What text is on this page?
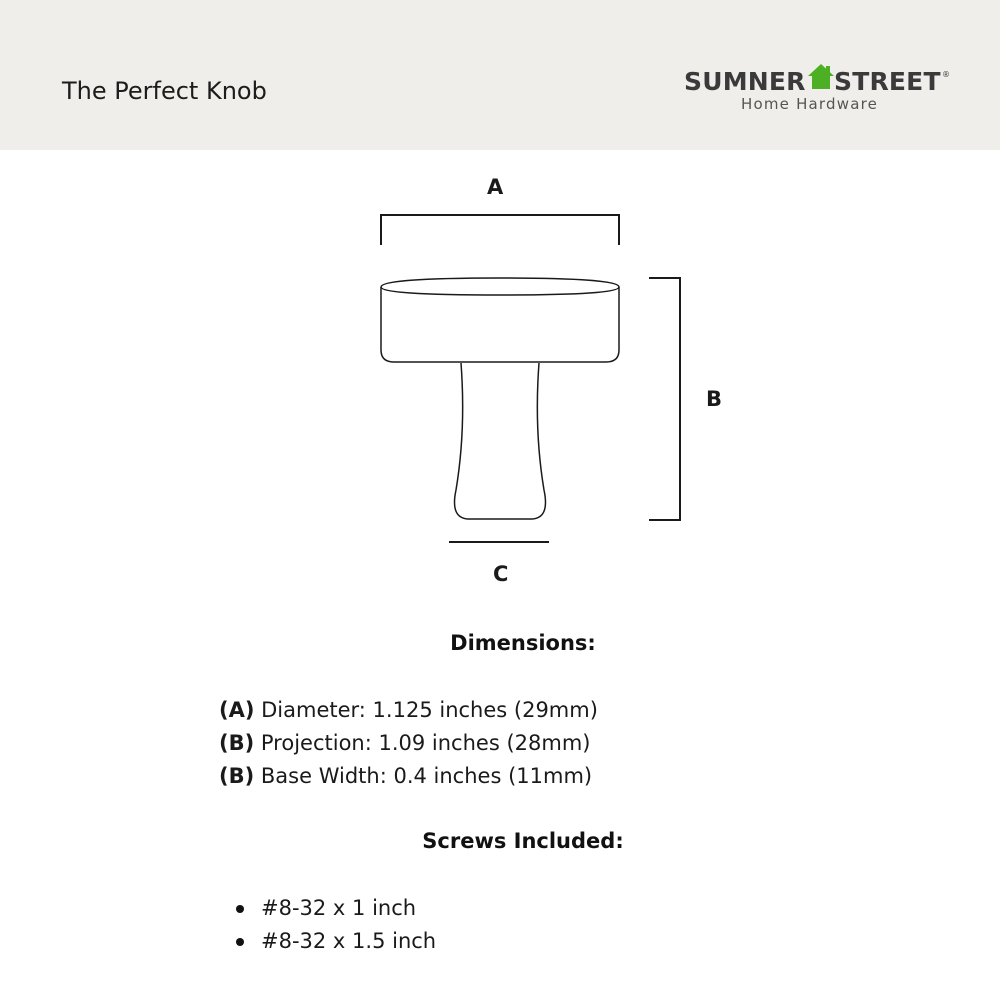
The Perfect Knob	SUMNER STREET ®
Home Hardware
A
B
C
Dimensions:
(A) Diameter: 1.125 inches (29mm)
(B) Projection: 1.09 inches (28mm)
(B) Base Width: 0.4 inches (11mm)
Screws Included:
#8-32 x 1 inch
#8-32 x 1.5 inch
